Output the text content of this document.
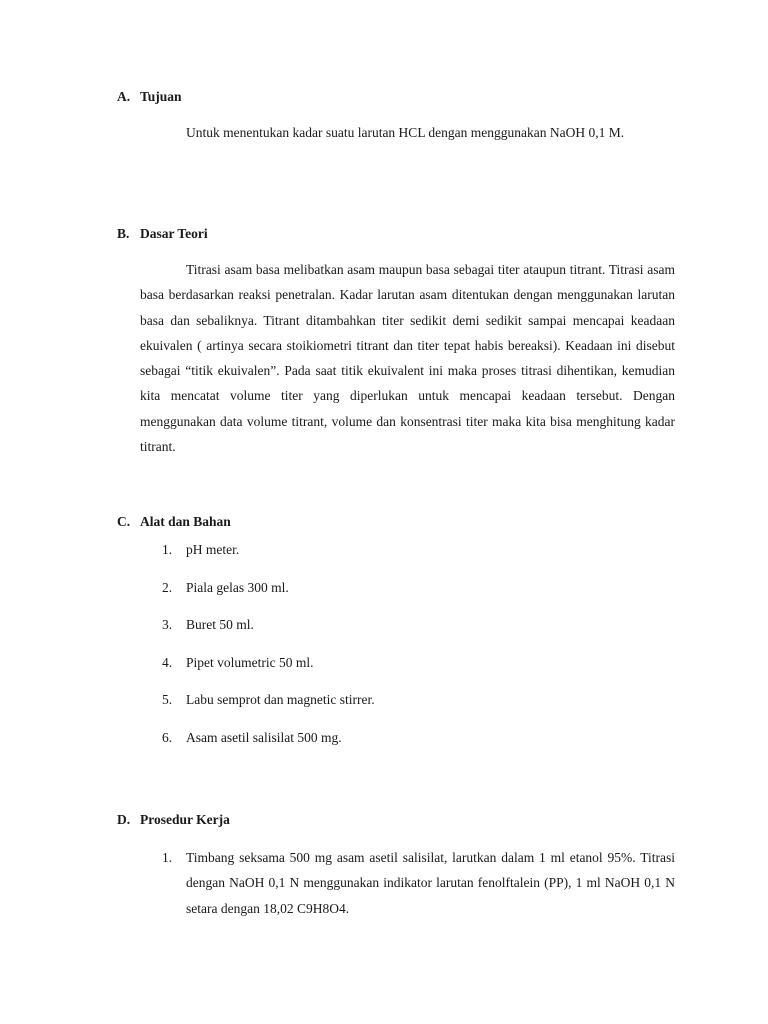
A. Tujuan

Untuk menentukan kadar suatu larutan HCL dengan menggunakan NaOH 0,1 M.

B. Dasar Teori

Titrasi asam basa melibatkan asam maupun basa sebagai titer ataupun titrant. Titrasi asam basa berdasarkan reaksi penetralan. Kadar larutan asam ditentukan dengan menggunakan larutan basa dan sebaliknya. Titrant ditambahkan titer sedikit demi sedikit sampai mencapai keadaan ekuivalen ( artinya secara stoikiometri titrant dan titer tepat habis bereaksi). Keadaan ini disebut sebagai “titik ekuivalen”. Pada saat titik ekuivalent ini maka proses titrasi dihentikan, kemudian kita mencatat volume titer yang diperlukan untuk mencapai keadaan tersebut. Dengan menggunakan data volume titrant, volume dan konsentrasi titer maka kita bisa menghitung kadar titrant.

C. Alat dan Bahan
1. pH meter.
2. Piala gelas 300 ml.
3. Buret 50 ml.
4. Pipet volumetric 50 ml.
5. Labu semprot dan magnetic stirrer.
6. Asam asetil salisilat 500 mg.
D. Prosedur Kerja
1. Timbang seksama 500 mg asam asetil salisilat, larutkan dalam 1 ml etanol 95%. Titrasi dengan NaOH 0,1 N menggunakan indikator larutan fenolftalein (PP), 1 ml NaOH 0,1 N setara dengan 18,02 C9H8O4.
